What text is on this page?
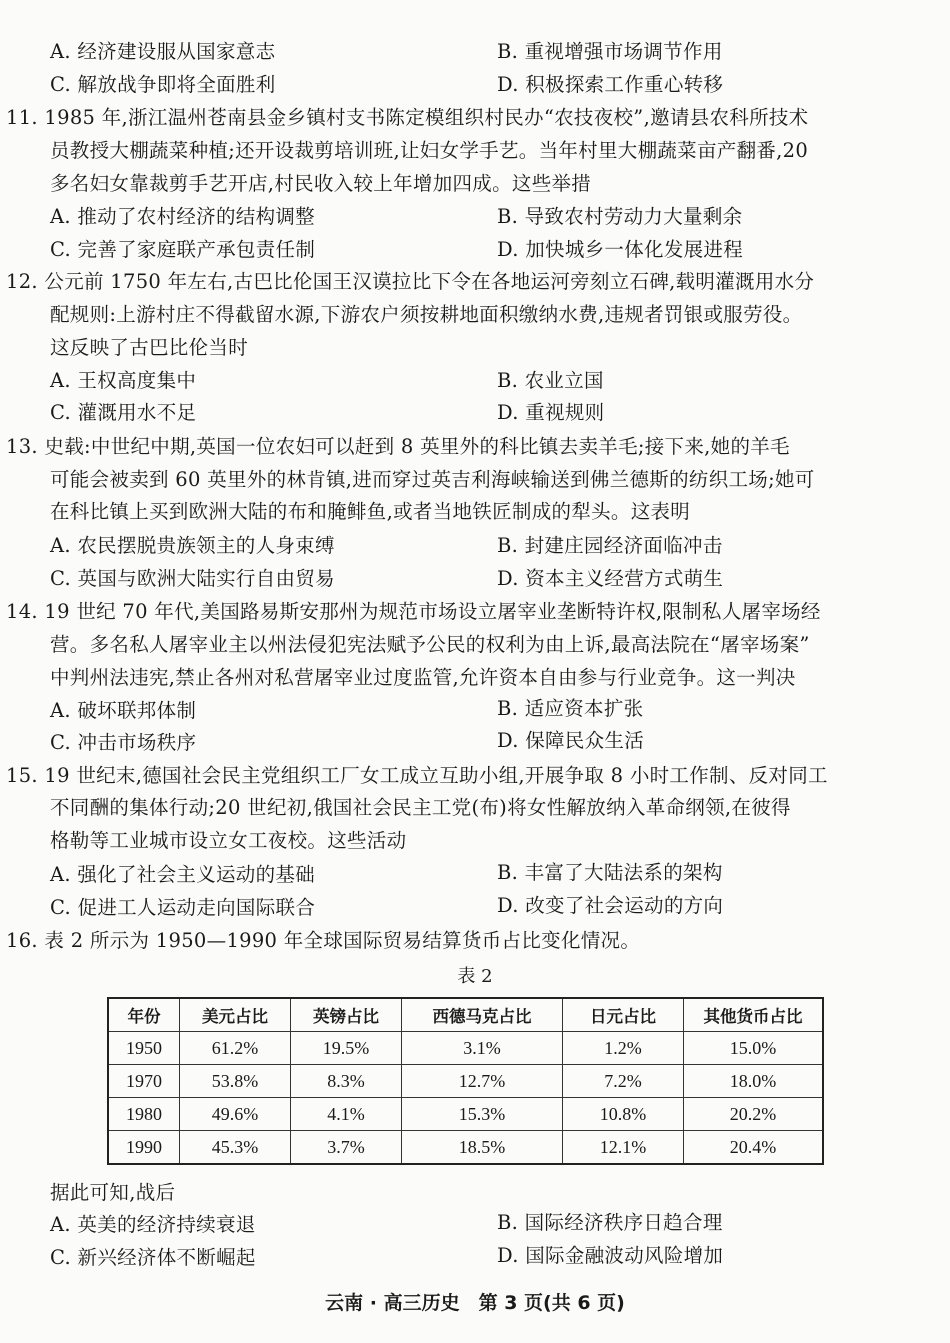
A. 经济建设服从国家意志	B. 重视增强市场调节作用
C. 解放战争即将全面胜利	D. 积极探索工作重心转移
11. 1985 年,浙江温州苍南县金乡镇村支书陈定模组织村民办“农技夜校”,邀请县农科所技术
员教授大棚蔬菜种植;还开设裁剪培训班,让妇女学手艺。当年村里大棚蔬菜亩产翻番,20
多名妇女靠裁剪手艺开店,村民收入较上年增加四成。这些举措
A. 推动了农村经济的结构调整	B. 导致农村劳动力大量剩余
C. 完善了家庭联产承包责任制	D. 加快城乡一体化发展进程
12. 公元前 1750 年左右,古巴比伦国王汉谟拉比下令在各地运河旁刻立石碑,载明灌溉用水分
配规则:上游村庄不得截留水源,下游农户须按耕地面积缴纳水费,违规者罚银或服劳役。
这反映了古巴比伦当时
A. 王权高度集中	B. 农业立国
C. 灌溉用水不足	D. 重视规则
13. 史载:中世纪中期,英国一位农妇可以赶到 8 英里外的科比镇去卖羊毛;接下来,她的羊毛
可能会被卖到 60 英里外的林肯镇,进而穿过英吉利海峡输送到佛兰德斯的纺织工场;她可
在科比镇上买到欧洲大陆的布和腌鲱鱼,或者当地铁匠制成的犁头。这表明
A. 农民摆脱贵族领主的人身束缚	B. 封建庄园经济面临冲击
C. 英国与欧洲大陆实行自由贸易	D. 资本主义经营方式萌生
14. 19 世纪 70 年代,美国路易斯安那州为规范市场设立屠宰业垄断特许权,限制私人屠宰场经
营。多名私人屠宰业主以州法侵犯宪法赋予公民的权利为由上诉,最高法院在“屠宰场案”
中判州法违宪,禁止各州对私营屠宰业过度监管,允许资本自由参与行业竞争。这一判决
A. 破坏联邦体制	B. 适应资本扩张
C. 冲击市场秩序	D. 保障民众生活
15. 19 世纪末,德国社会民主党组织工厂女工成立互助小组,开展争取 8 小时工作制、反对同工
不同酬的集体行动;20 世纪初,俄国社会民主工党(布)将女性解放纳入革命纲领,在彼得
格勒等工业城市设立女工夜校。这些活动
A. 强化了社会主义运动的基础	B. 丰富了大陆法系的架构
C. 促进工人运动走向国际联合	D. 改变了社会运动的方向
16. 表 2 所示为 1950—1990 年全球国际贸易结算货币占比变化情况。
表 2
年份	美元占比	英镑占比	西德马克占比	日元占比	其他货币占比
1950	61.2%	19.5%	3.1%	1.2%	15.0%
1970	53.8%	8.3%	12.7%	7.2%	18.0%
1980	49.6%	4.1%	15.3%	10.8%	20.2%
1990	45.3%	3.7%	18.5%	12.1%	20.4%
据此可知,战后
A. 英美的经济持续衰退	B. 国际经济秩序日趋合理
C. 新兴经济体不断崛起	D. 国际金融波动风险增加
云南 · 高三历史　第 3 页(共 6 页)
